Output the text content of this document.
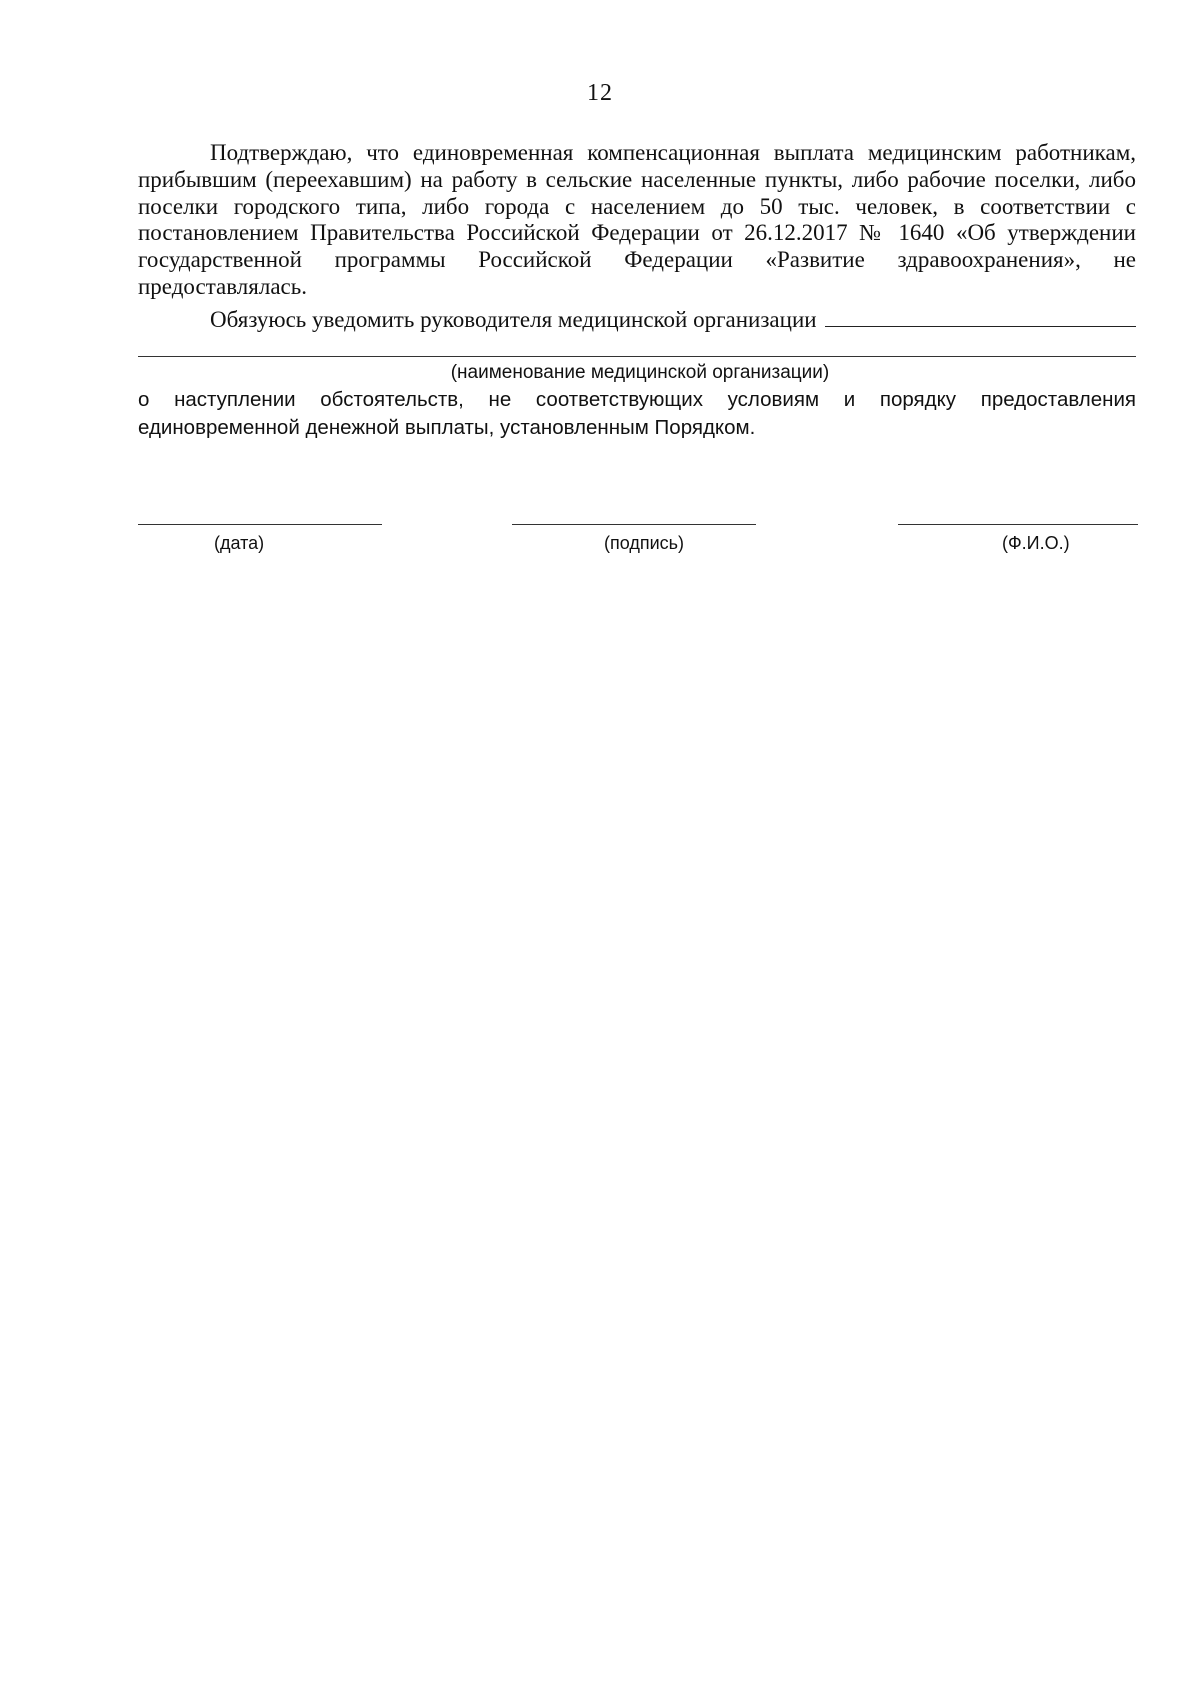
12
Подтверждаю, что единовременная компенсационная выплата медицинским работникам, прибывшим (переехавшим) на работу в сельские населенные пункты, либо рабочие поселки, либо поселки городского типа, либо города с населением до 50 тыс. человек, в соответствии с постановлением Правительства Российской Федерации от 26.12.2017 № 1640 «Об утверждении государственной программы Российской Федерации «Развитие здравоохранения», не предоставлялась.
Обязуюсь уведомить руководителя медицинской организации
(наименование медицинской организации)
о наступлении обстоятельств, не соответствующих условиям и порядку предоставления единовременной денежной выплаты, установленным Порядком.
(дата)	(подпись)	(Ф.И.О.)
